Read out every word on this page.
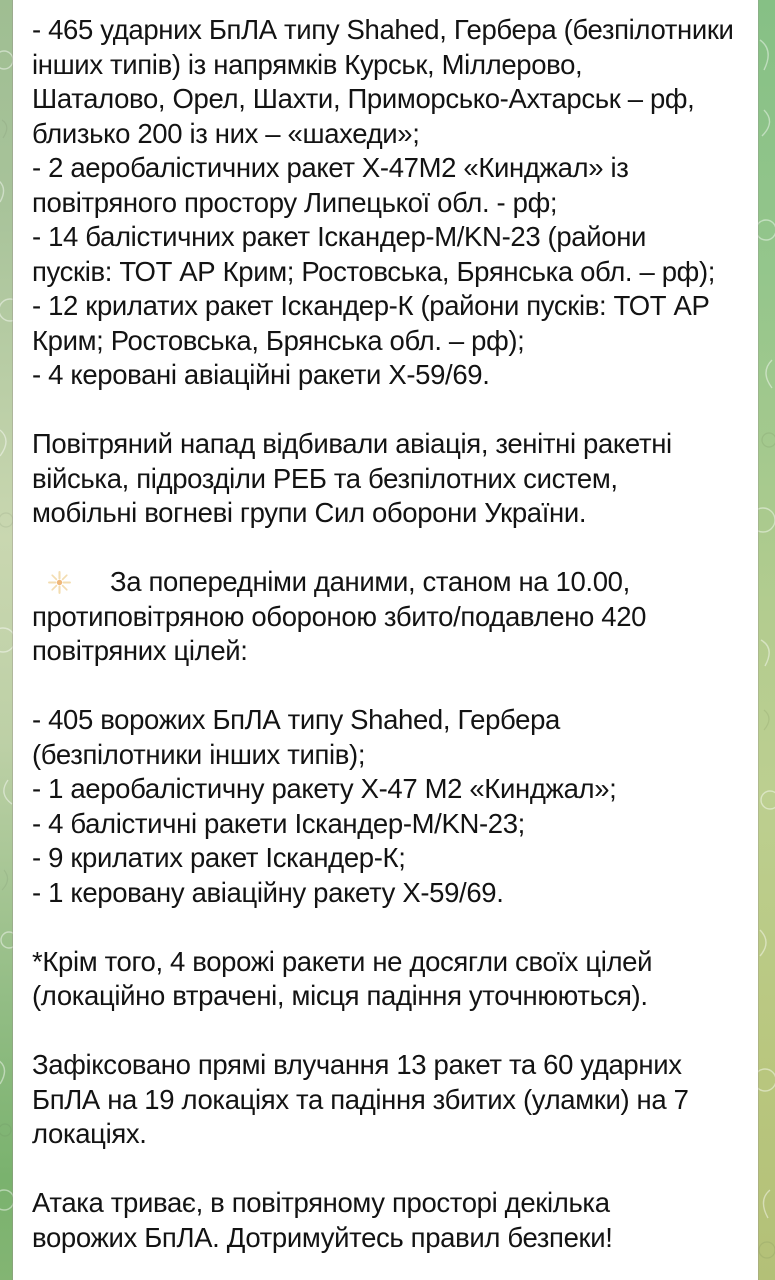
- 465 ударних БпЛА типу Shahed, Гербера (безпілотники
інших типів) із напрямків Курськ, Міллерово,
Шаталово, Орел, Шахти, Приморсько-Ахтарськ – рф,
близько 200 із них – «шахеди»;
- 2 аеробалістичних ракет Х-47М2 «Кинджал» із
повітряного простору Липецької обл. - рф;
- 14 балістичних ракет Іскандер-М/KN-23 (райони
пусків: ТОТ АР Крим; Ростовська, Брянська обл. – рф);
- 12 крилатих ракет Іскандер-К (райони пусків: ТОТ АР
Крим; Ростовська, Брянська обл. – рф);
- 4 керовані авіаційні ракети Х-59/69.
Повітряний напад відбивали авіація, зенітні ракетні
війська, підрозділи РЕБ та безпілотних систем,
мобільні вогневі групи Сил оборони України.
За попередніми даними, станом на 10.00,
протиповітряною обороною збито/подавлено 420
повітряних цілей:
- 405 ворожих БпЛА типу Shahed, Гербера
(безпілотники інших типів);
- 1 аеробалістичну ракету Х-47 М2 «Кинджал»;
- 4 балістичні ракети Іскандер-М/KN-23;
- 9 крилатих ракет Іскандер-К;
- 1 керовану авіаційну ракету Х-59/69.
*Крім того, 4 ворожі ракети не досягли своїх цілей
(локаційно втрачені, місця падіння уточнюються).
Зафіксовано прямі влучання 13 ракет та 60 ударних
БпЛА на 19 локаціях та падіння збитих (уламки) на 7
локаціях.
Атака триває, в повітряному просторі декілька
ворожих БпЛА. Дотримуйтесь правил безпеки!
